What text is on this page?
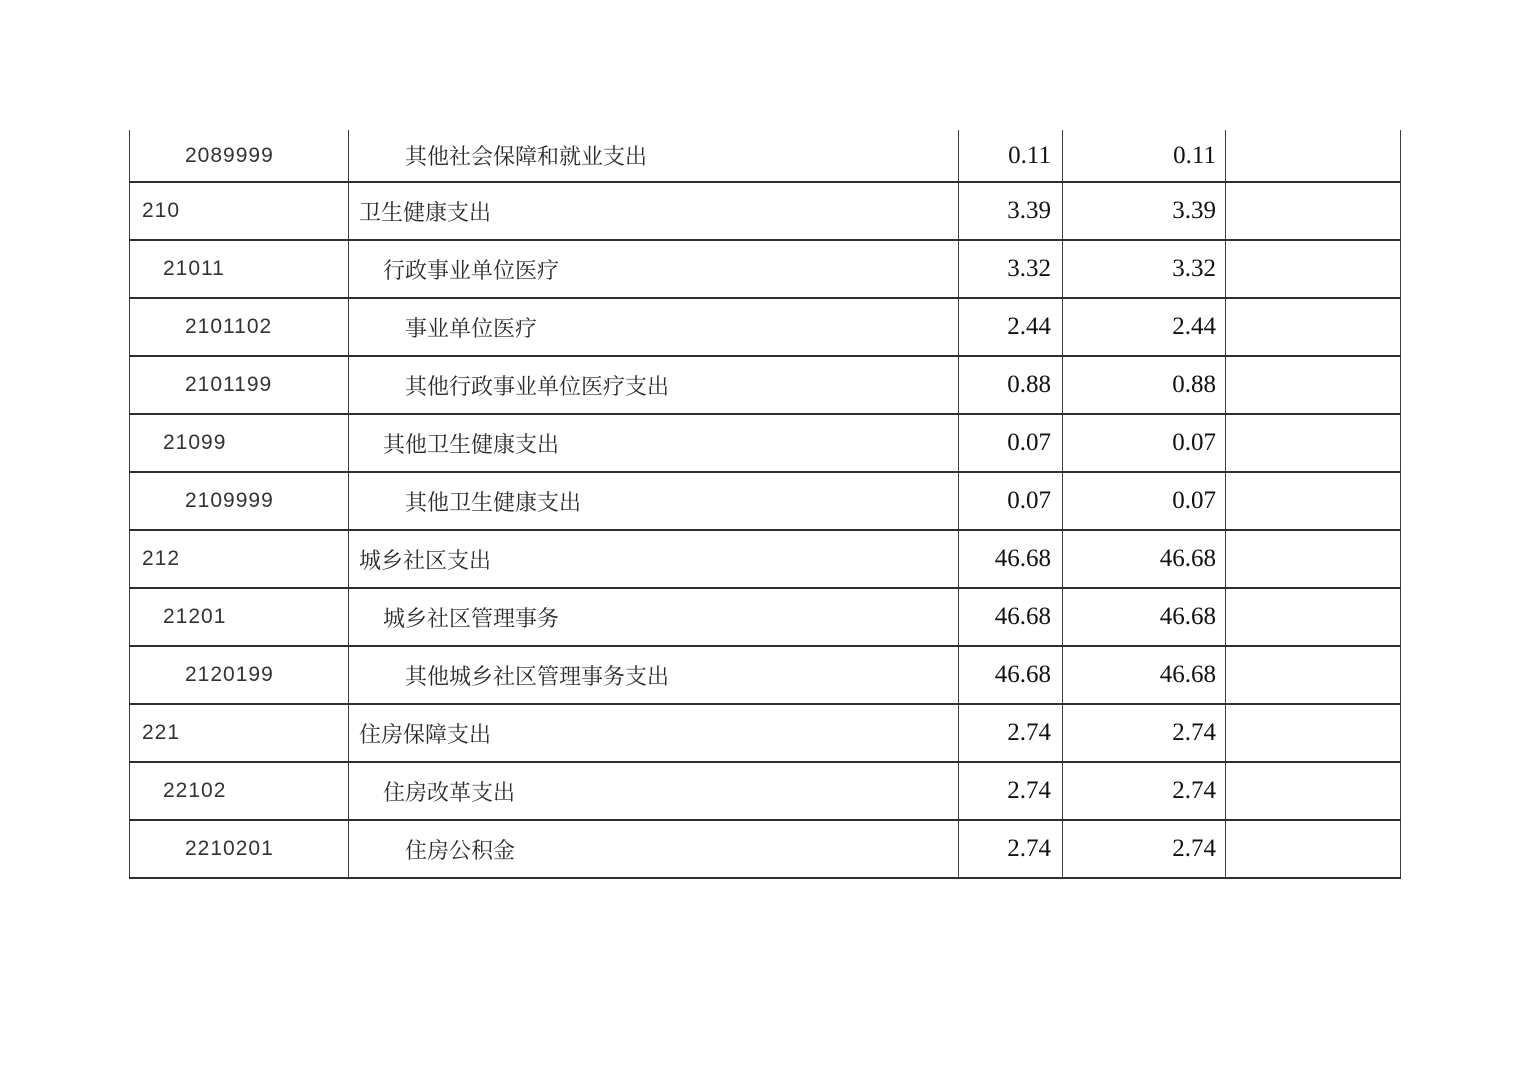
2089999	其他社会保障和就业支出	0.11	0.11	
210	卫生健康支出	3.39	3.39	
21011	行政事业单位医疗	3.32	3.32	
2101102	事业单位医疗	2.44	2.44	
2101199	其他行政事业单位医疗支出	0.88	0.88	
21099	其他卫生健康支出	0.07	0.07	
2109999	其他卫生健康支出	0.07	0.07	
212	城乡社区支出	46.68	46.68	
21201	城乡社区管理事务	46.68	46.68	
2120199	其他城乡社区管理事务支出	46.68	46.68	
221	住房保障支出	2.74	2.74	
22102	住房改革支出	2.74	2.74	
2210201	住房公积金	2.74	2.74	
